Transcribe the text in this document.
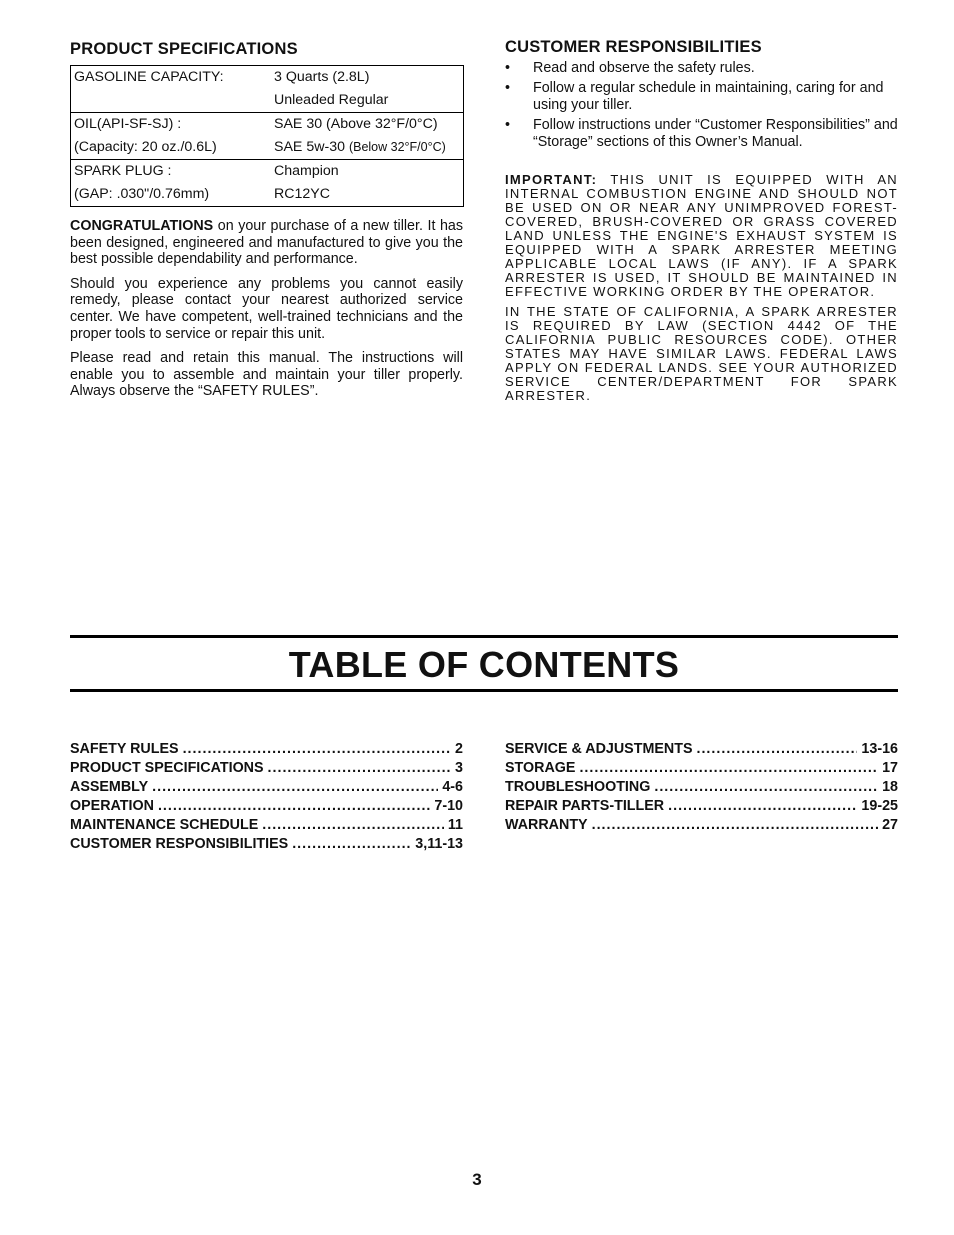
PRODUCT SPECIFICATIONS
GASOLINE CAPACITY:	3 Quarts (2.8L)
	Unleaded Regular
OIL(API-SF-SJ) :	SAE 30 (Above 32°F/0°C)
(Capacity: 20 oz./0.6L)	SAE 5w-30 (Below 32°F/0°C)
SPARK PLUG :	Champion
(GAP: .030"/0.76mm)	RC12YC

CONGRATULATIONS on your purchase of a new tiller. It has been designed, engineered and manufactured to give you the best possible dependability and performance.

Should you experience any problems you cannot easily remedy, please contact your nearest authorized service center. We have competent, well-trained technicians and the proper tools to service or repair this unit.

Please read and retain this manual. The instructions will enable you to assemble and maintain your tiller properly. Always observe the “SAFETY RULES”.

CUSTOMER RESPONSIBILITIES
• Read and observe the safety rules.
• Follow a regular schedule in maintaining, caring for and using your tiller.
• Follow instructions under “Customer Responsibilities” and “Storage” sections of this Owner’s Manual.

IMPORTANT: THIS UNIT IS EQUIPPED WITH AN INTERNAL COMBUSTION ENGINE AND SHOULD NOT BE USED ON OR NEAR ANY UNIMPROVED FOREST-COVERED, BRUSH-COVERED OR GRASS COVERED LAND UNLESS THE ENGINE'S EXHAUST SYSTEM IS EQUIPPED WITH A SPARK ARRESTER MEETING APPLICABLE LOCAL LAWS (IF ANY). IF A SPARK ARRESTER IS USED, IT SHOULD BE MAINTAINED IN EFFECTIVE WORKING ORDER BY THE OPERATOR.

IN THE STATE OF CALIFORNIA, A SPARK ARRESTER IS REQUIRED BY LAW (SECTION 4442 OF THE CALIFORNIA PUBLIC RESOURCES CODE). OTHER STATES MAY HAVE SIMILAR LAWS. FEDERAL LAWS APPLY ON FEDERAL LANDS. SEE YOUR AUTHORIZED SERVICE CENTER/DEPARTMENT FOR SPARK ARRESTER.

TABLE OF CONTENTS
SAFETY RULES .....	2
PRODUCT SPECIFICATIONS .....	3
ASSEMBLY .....	4-6
OPERATION .....	7-10
MAINTENANCE SCHEDULE .....	11
CUSTOMER RESPONSIBILITIES .....	3,11-13
SERVICE & ADJUSTMENTS .....	13-16
STORAGE .....	17
TROUBLESHOOTING .....	18
REPAIR PARTS-TILLER .....	19-25
WARRANTY .....	27
3
